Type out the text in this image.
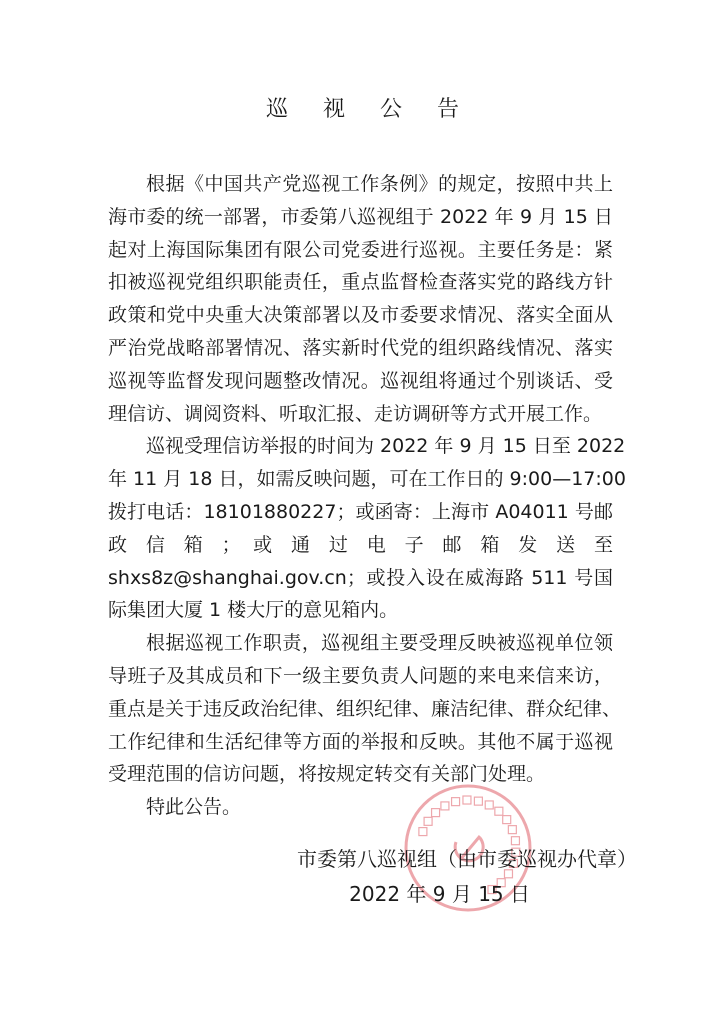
巡 视 公 告
根据《中国共产党巡视工作条例》的规定，按照中共上
海市委的统一部署，市委第八巡视组于 2022 年 9 月 15 日
起对上海国际集团有限公司党委进行巡视。主要任务是：紧
扣被巡视党组织职能责任，重点监督检查落实党的路线方针
政策和党中央重大决策部署以及市委要求情况、落实全面从
严治党战略部署情况、落实新时代党的组织路线情况、落实
巡视等监督发现问题整改情况。巡视组将通过个别谈话、受
理信访、调阅资料、听取汇报、走访调研等方式开展工作。
巡视受理信访举报的时间为 2022 年 9 月 15 日至 2022
年 11 月 18 日，如需反映问题，可在工作日的 9:00—17:00
拨打电话：18101880227；或函寄：上海市 A04011 号邮
政 信 箱 ； 或 通 过 电 子 邮 箱 发 送 至
shxs8z@shanghai.gov.cn；或投入设在威海路 511 号国
际集团大厦 1 楼大厅的意见箱内。
根据巡视工作职责，巡视组主要受理反映被巡视单位领
导班子及其成员和下一级主要负责人问题的来电来信来访，
重点是关于违反政治纪律、组织纪律、廉洁纪律、群众纪律、
工作纪律和生活纪律等方面的举报和反映。其他不属于巡视
受理范围的信访问题，将按规定转交有关部门处理。
特此公告。
市委第八巡视组（由市委巡视办代章）
2022 年 9 月 15 日
